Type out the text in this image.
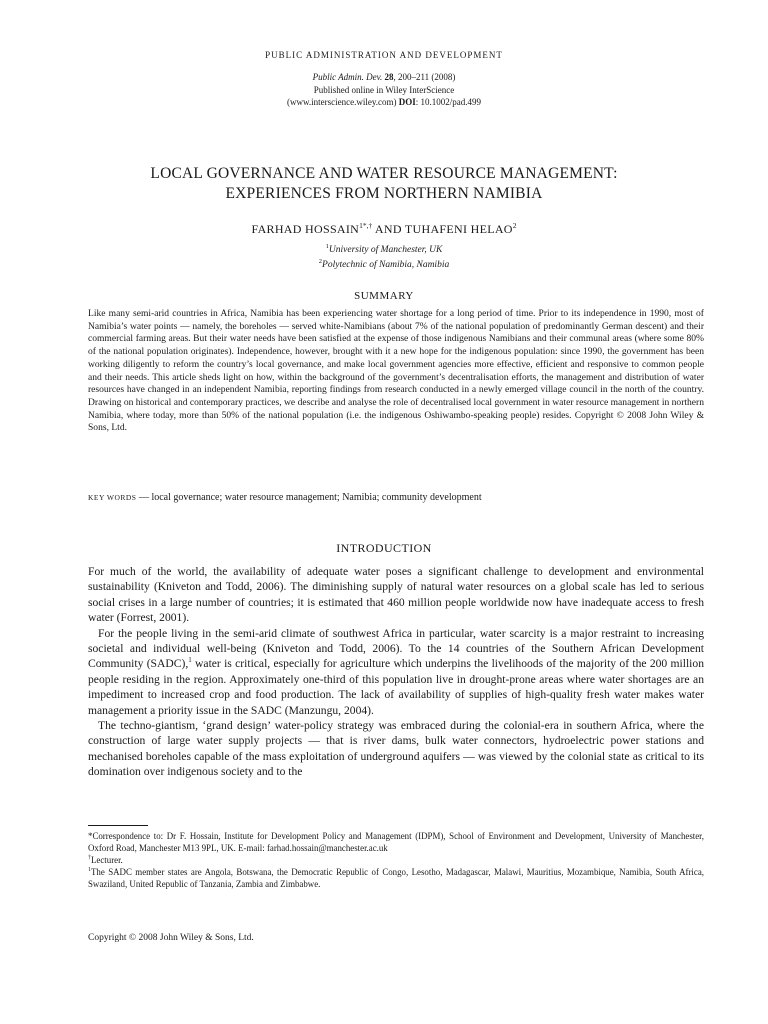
PUBLIC ADMINISTRATION AND DEVELOPMENT
Public Admin. Dev. 28, 200–211 (2008)
Published online in Wiley InterScience
(www.interscience.wiley.com) DOI: 10.1002/pad.499
LOCAL GOVERNANCE AND WATER RESOURCE MANAGEMENT:
EXPERIENCES FROM NORTHERN NAMIBIA
FARHAD $HOSSAIN^{1*,\dagger}$ AND TUHAFENI HELAO$^2$
$^1$University of Manchester, UK
$^2$Polytechnic of Namibia, Namibia
SUMMARY

Like many semi-arid countries in Africa, Namibia has been experiencing water shortage for a long period of time. Prior to its independence in 1990, most of Namibia’s water points — namely, the boreholes — served white-Namibians (about 7% of the national population of predominantly German descent) and their commercial farming areas. But their water needs have been satisfied at the expense of those indigenous Namibians and their communal areas (where some 80% of the national population originates). Independence, however, brought with it a new hope for the indigenous population: since 1990, the government has been working diligently to reform the country’s local governance, and make local government agencies more effective, efficient and responsive to common people and their needs. This article sheds light on how, within the background of the government’s decentralisation efforts, the management and distribution of water resources have changed in an independent Namibia, reporting findings from research conducted in a newly emerged village council in the north of the country. Drawing on historical and contemporary practices, we describe and analyse the role of decentralised local government in water resource management in northern Namibia, where today, more than 50% of the national population (i.e. the indigenous Oshiwambo-speaking people) resides. Copyright © 2008 John Wiley & Sons, Ltd.

KEY WORDS — local governance; water resource management; Namibia; community development

INTRODUCTION

For much of the world, the availability of adequate water poses a significant challenge to development and environmental sustainability (Kniveton and Todd, 2006). The diminishing supply of natural water resources on a global scale has led to serious social crises in a large number of countries; it is estimated that 460 million people worldwide now have inadequate access to fresh water (Forrest, 2001).

For the people living in the semi-arid climate of southwest Africa in particular, water scarcity is a major restraint to increasing societal and individual well-being (Kniveton and Todd, 2006). To the 14 countries of the Southern African Development Community (SADC),$^1$ water is critical, especially for agriculture which underpins the livelihoods of the majority of the 200 million people residing in the region. Approximately one-third of this population live in drought-prone areas where water shortages are an impediment to increased crop and food production. The lack of availability of supplies of high-quality fresh water makes water management a priority issue in the SADC (Manzungu, 2004).

The techno-giantism, ‘grand design’ water-policy strategy was embraced during the colonial-era in southern Africa, where the construction of large water supply projects — that is river dams, bulk water connectors, hydroelectric power stations and mechanised boreholes capable of the mass exploitation of underground aquifers — was viewed by the colonial state as critical to its domination over indigenous society and to the

*Correspondence to: Dr F. Hossain, Institute for Development Policy and Management (IDPM), School of Environment and Development, University of Manchester, Oxford Road, Manchester M13 9PL, UK. E-mail: farhad.hossain@manchester.ac.uk

†Lecturer.

$^1$The SADC member states are Angola, Botswana, the Democratic Republic of Congo, Lesotho, Madagascar, Malawi, Mauritius, Mozambique, Namibia, South Africa, Swaziland, United Republic of Tanzania, Zambia and Zimbabwe.

Copyright © 2008 John Wiley & Sons, Ltd.
